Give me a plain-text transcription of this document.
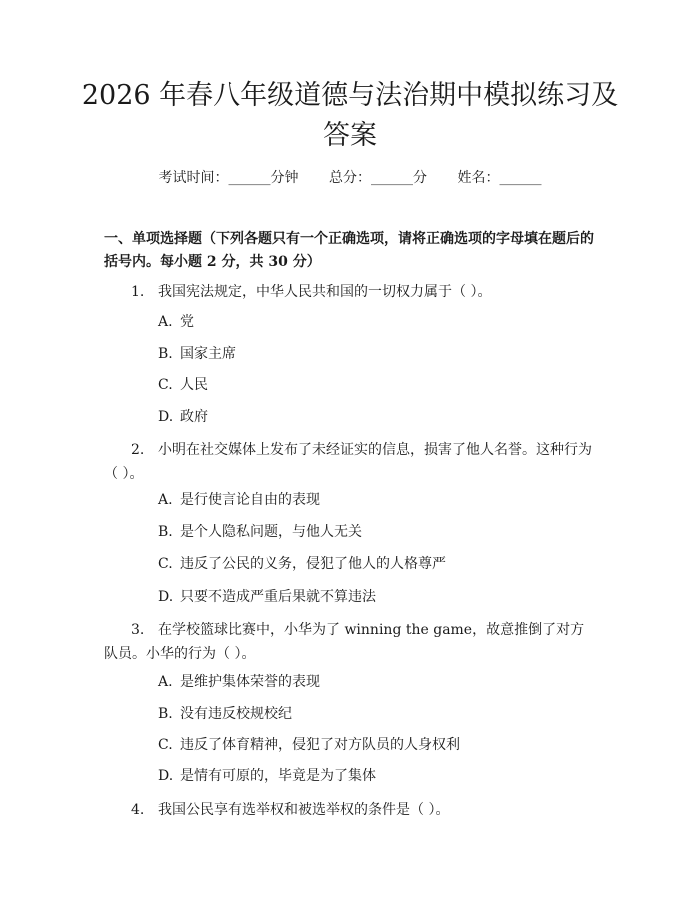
2026 年春八年级道德与法治期中模拟练习及答案
考试时间：______分钟 总分：______分 姓名：______

一、单项选择题（下列各题只有一个正确选项，请将正确选项的字母填在题后的括号内。每小题 2 分，共 30 分）

1. 我国宪法规定，中华人民共和国的一切权力属于（ ）。

A. 党

B. 国家主席

C. 人民

D. 政府

2. 小明在社交媒体上发布了未经证实的信息，损害了他人名誉。这种行为（ ）。

A. 是行使言论自由的表现

B. 是个人隐私问题，与他人无关

C. 违反了公民的义务，侵犯了他人的人格尊严

D. 只要不造成严重后果就不算违法

3. 在学校篮球比赛中，小华为了 winning the game，故意推倒了对方队员。小华的行为（ ）。

A. 是维护集体荣誉的表现

B. 没有违反校规校纪

C. 违反了体育精神，侵犯了对方队员的人身权利

D. 是情有可原的，毕竟是为了集体

4. 我国公民享有选举权和被选举权的条件是（ ）。
